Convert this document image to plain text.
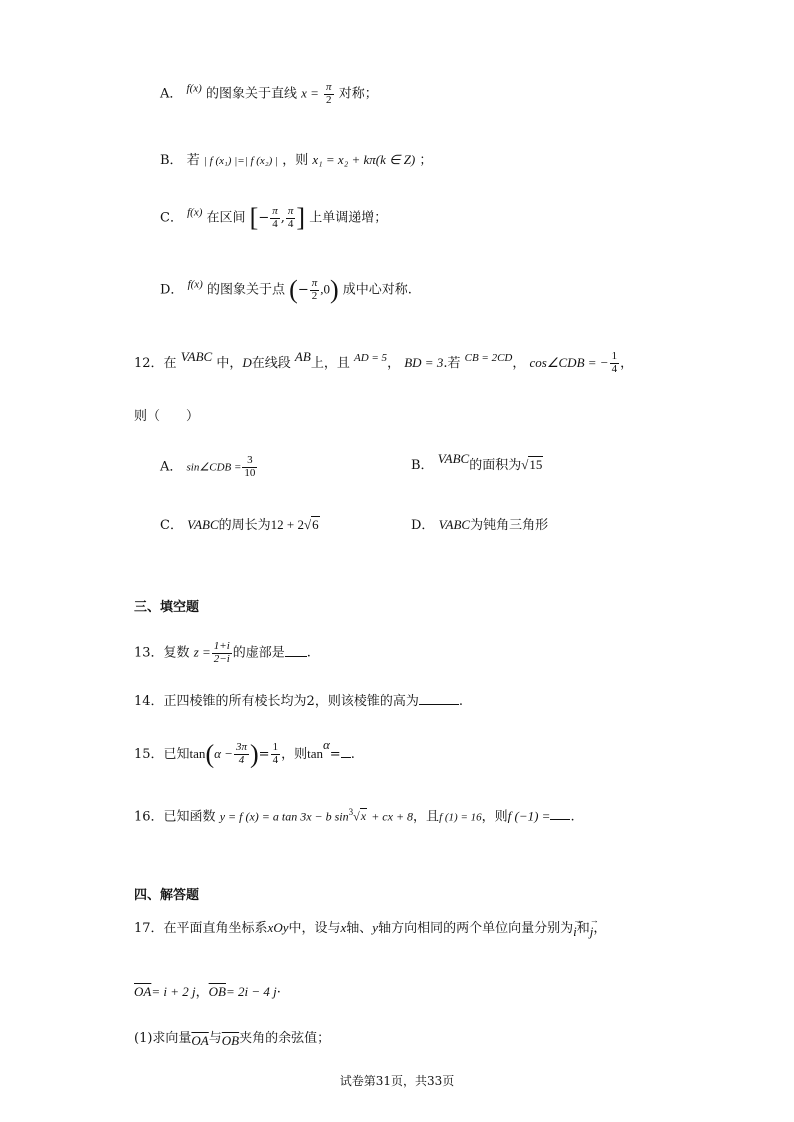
A． $^{f(x)}$ 的图象关于直线 $x = \frac{\pi}{2}$ 对称；
B． 若 | f (x₁) |=| f (x₂) | ，则 x₁ = x₂ + kπ(k ∈ Z) ；
C． $^{f(x)}$ 在区间 [− $\frac{\pi}{4}$ , $\frac{\pi}{4}$ ] 上单调递增；
D． $^{f(x)}$ 的图象关于点 (− $\frac{\pi}{2} ,0$) 成中心对称.
12．在 VABC 中，D在线段 AB上，且 $^{AD = 5}$， BD = 3.若 $^{CB = 2CD}$， cos∠CDB = − $\frac{1}{4}$ ，
则（　　）
A． sin∠CDB = $\frac{3}{10}$	B． VABC的面积为√15
C． VABC的周长为12 + 2√6	D． VABC为钝角三角形
三、填空题
13．复数 $z = \frac{1+i}{2-i}$ 的虚部是 .
14．正四棱锥的所有棱长均为2，则该棱锥的高为	.
15．已知$\tan(\alpha - \frac{3\pi}{4}$ )= $\frac{1}{4}$ ，则tanα= .
16．已知函数 y = f (x) = a tan 3x − b $\sin^3√x$ + cx + 8，且f (1) = 16，则f (−1) = .
四、解答题
17．在平面直角坐标系xOy中，设与x轴、y轴方向相同的两个单位向量分别为→ i和→ j，
$\overline{OA}= i + 2$ j，$\overline{OB}= 2i - 4$ j·
(1)求向量$\overline{OA}$与$\overline{OB}$夹角的余弦值；
试卷第31页，共33页
